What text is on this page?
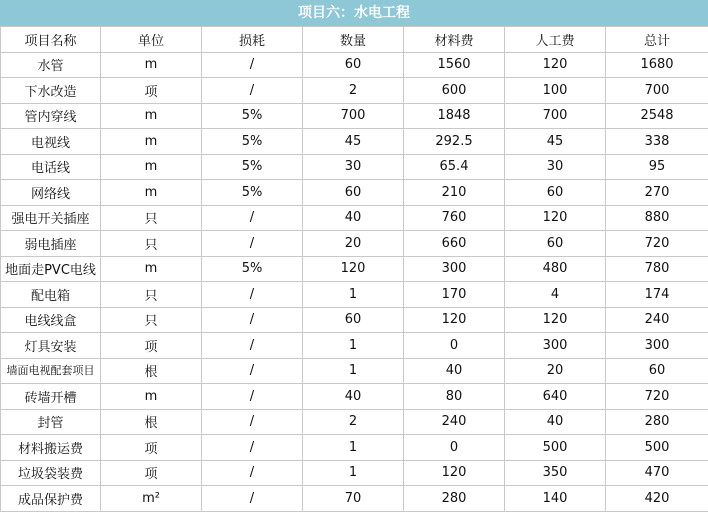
项目六：水电工程
项目名称	单位	损耗	数量	材料费	人工费	总计
水管	m	/	60	1560	120	1680
下水改造	项	/	2	600	100	700
管内穿线	m	5%	700	1848	700	2548
电视线	m	5%	45	292.5	45	338
电话线	m	5%	30	65.4	30	95
网络线	m	5%	60	210	60	270
强电开关插座	只	/	40	760	120	880
弱电插座	只	/	20	660	60	720
地面走PVC电线	m	5%	120	300	480	780
配电箱	只	/	1	170	4	174
电线线盒	只	/	60	120	120	240
灯具安装	项	/	1	0	300	300
墙面电视配套项目	根	/	1	40	20	60
砖墙开槽	m	/	40	80	640	720
封管	根	/	2	240	40	280
材料搬运费	项	/	1	0	500	500
垃圾袋装费	项	/	1	120	350	470
成品保护费	m²	/	70	280	140	420
